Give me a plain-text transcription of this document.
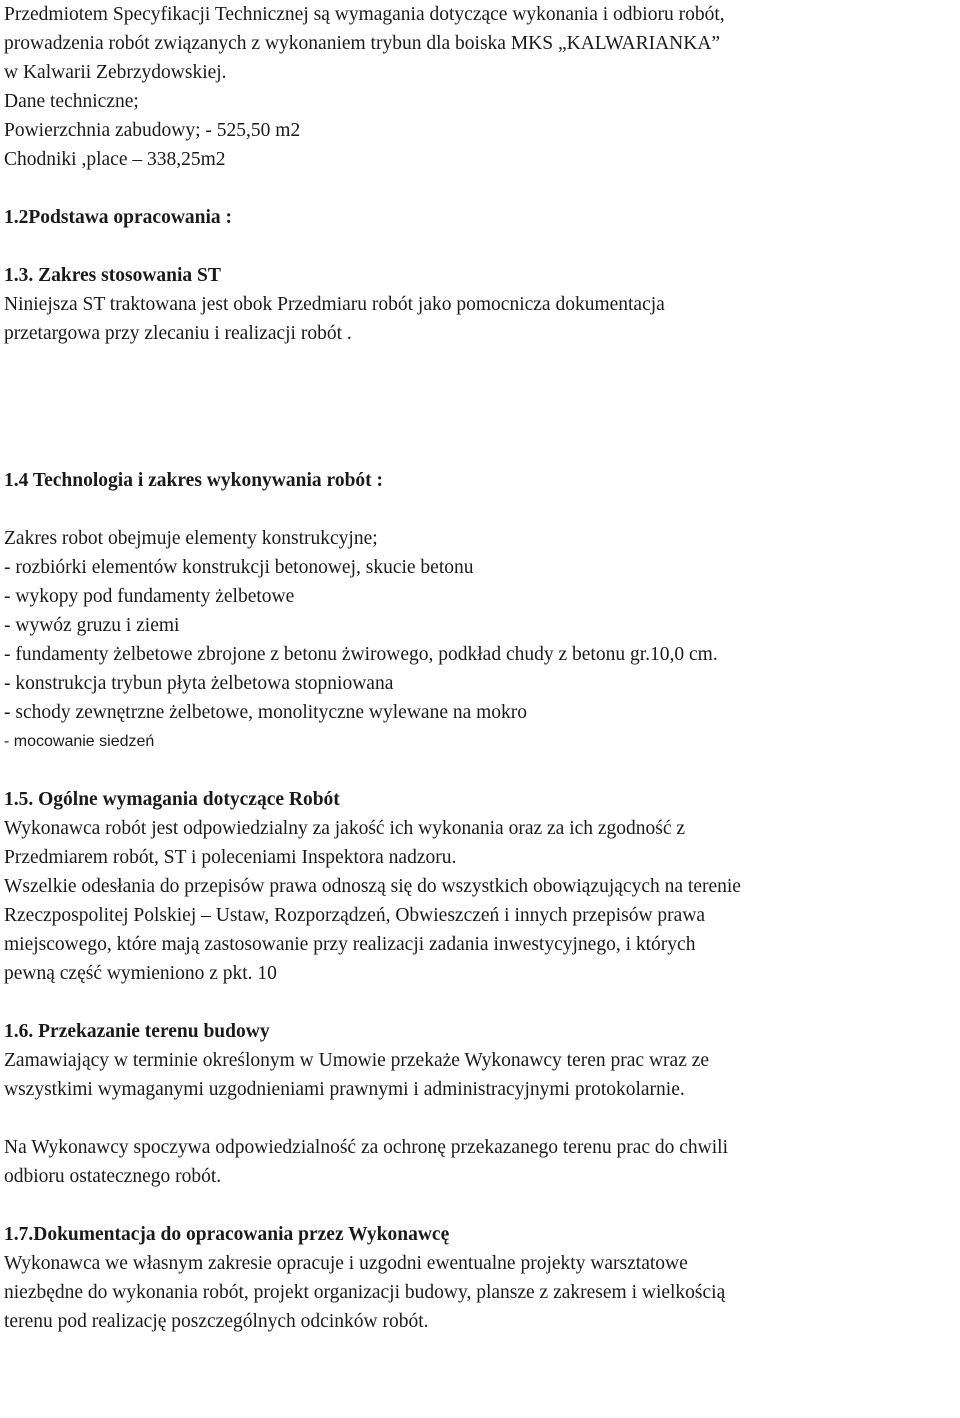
Przedmiotem Specyfikacji Technicznej są wymagania dotyczące wykonania i odbioru robót,
prowadzenia robót związanych z wykonaniem trybun dla boiska MKS „KALWARIANKA”
w Kalwarii Zebrzydowskiej.
Dane techniczne;
Powierzchnia zabudowy; - 525,50 m2
Chodniki ,place – 338,25m2
1.2Podstawa opracowania :
1.3. Zakres stosowania ST
Niniejsza ST traktowana jest obok Przedmiaru robót jako pomocnicza dokumentacja
przetargowa przy zlecaniu i realizacji robót .
1.4 Technologia i zakres wykonywania robót :
Zakres robot obejmuje elementy konstrukcyjne;
- rozbiórki elementów konstrukcji betonowej, skucie betonu
- wykopy pod fundamenty żelbetowe
- wywóz gruzu i ziemi
- fundamenty żelbetowe zbrojone z betonu żwirowego, podkład chudy z betonu gr.10,0 cm.
- konstrukcja trybun płyta żelbetowa stopniowana
- schody zewnętrzne żelbetowe, monolityczne wylewane na mokro
- mocowanie siedzeń
1.5. Ogólne wymagania dotyczące Robót
Wykonawca robót jest odpowiedzialny za jakość ich wykonania oraz za ich zgodność z
Przedmiarem robót, ST i poleceniami Inspektora nadzoru.
Wszelkie odesłania do przepisów prawa odnoszą się do wszystkich obowiązujących na terenie
Rzeczpospolitej Polskiej – Ustaw, Rozporządzeń, Obwieszczeń i innych przepisów prawa
miejscowego, które mają zastosowanie przy realizacji zadania inwestycyjnego, i których
pewną część wymieniono z pkt. 10
1.6. Przekazanie terenu budowy
Zamawiający w terminie określonym w Umowie przekaże Wykonawcy teren prac wraz ze
wszystkimi wymaganymi uzgodnieniami prawnymi i administracyjnymi protokolarnie.
Na Wykonawcy spoczywa odpowiedzialność za ochronę przekazanego terenu prac do chwili
odbioru ostatecznego robót.
1.7.Dokumentacja do opracowania przez Wykonawcę
Wykonawca we własnym zakresie opracuje i uzgodni ewentualne projekty warsztatowe
niezbędne do wykonania robót, projekt organizacji budowy, plansze z zakresem i wielkością
terenu pod realizację poszczególnych odcinków robót.
